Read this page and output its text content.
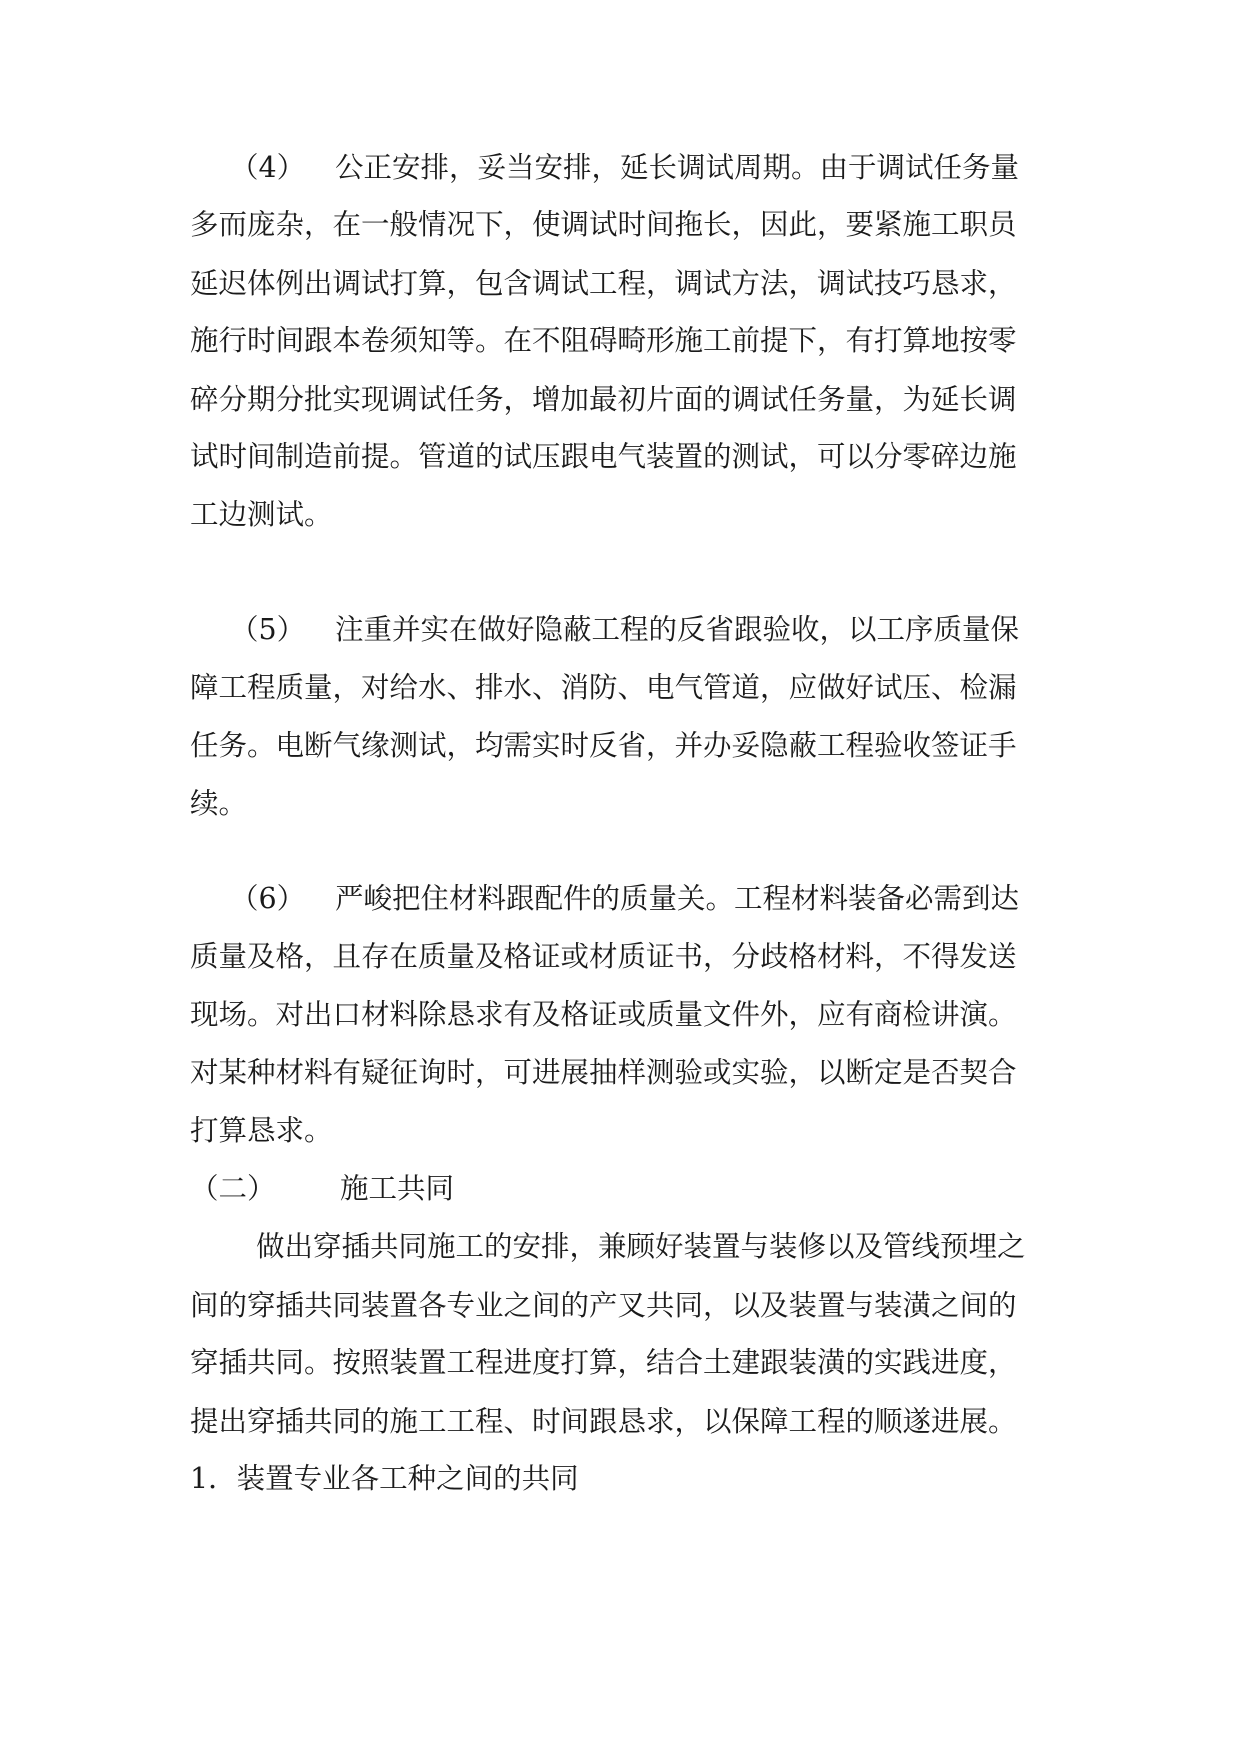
（4） 公正安排，妥当安排，延长调试周期。由于调试任务量
多而庞杂，在一般情况下，使调试时间拖长，因此，要紧施工职员
延迟体例出调试打算，包含调试工程，调试方法，调试技巧恳求，
施行时间跟本卷须知等。在不阻碍畸形施工前提下，有打算地按零
碎分期分批实现调试任务，增加最初片面的调试任务量，为延长调
试时间制造前提。管道的试压跟电气装置的测试，可以分零碎边施
工边测试。
（5） 注重并实在做好隐蔽工程的反省跟验收，以工序质量保
障工程质量，对给水、排水、消防、电气管道，应做好试压、检漏
任务。电断气缘测试，均需实时反省，并办妥隐蔽工程验收签证手
续。
（6） 严峻把住材料跟配件的质量关。工程材料装备必需到达
质量及格，且存在质量及格证或材质证书，分歧格材料，不得发送
现场。对出口材料除恳求有及格证或质量文件外，应有商检讲演。
对某种材料有疑征询时，可进展抽样测验或实验，以断定是否契合
打算恳求。
（二） 施工共同
做出穿插共同施工的安排，兼顾好装置与装修以及管线预埋之
间的穿插共同装置各专业之间的产叉共同，以及装置与装潢之间的
穿插共同。按照装置工程进度打算，结合土建跟装潢的实践进度，
提出穿插共同的施工工程、时间跟恳求，以保障工程的顺遂进展。
1．装置专业各工种之间的共同
